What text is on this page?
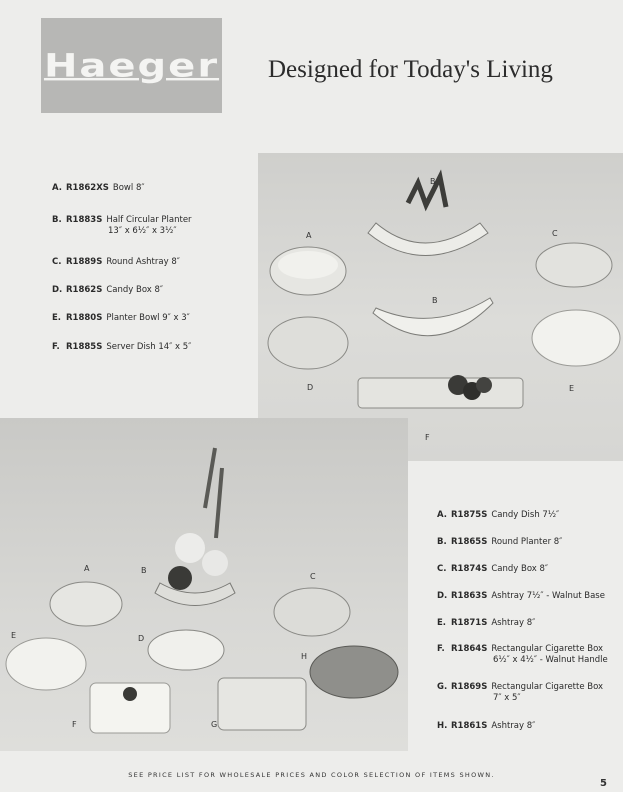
Haeger Designed for Today's Living
A. R1862XS Bowl 8″
B. R1883S Half Circular Planter
13″ x 6½″ x 3½″
C. R1889S Round Ashtray 8″
D. R1862S Candy Box 8″
E. R1880S Planter Bowl 9″ x 3″
F. R1885S Server Dish 14″ x 5″
A
B
B
C
D	E
F
A	B
C
D
E
F	G
H
A. R1875S Candy Dish 7½″
B. R1865S Round Planter 8″
C. R1874S Candy Box 8″
D. R1863S Ashtray 7½″ - Walnut Base
E. R1871S Ashtray 8″
F. R1864S Rectangular Cigarette Box
6½″ x 4½″ - Walnut Handle
G. R1869S Rectangular Cigarette Box
7″ x 5″
H. R1861S Ashtray 8″
SEE PRICE LIST FOR WHOLESALE PRICES AND COLOR SELECTION OF ITEMS SHOWN.
5
